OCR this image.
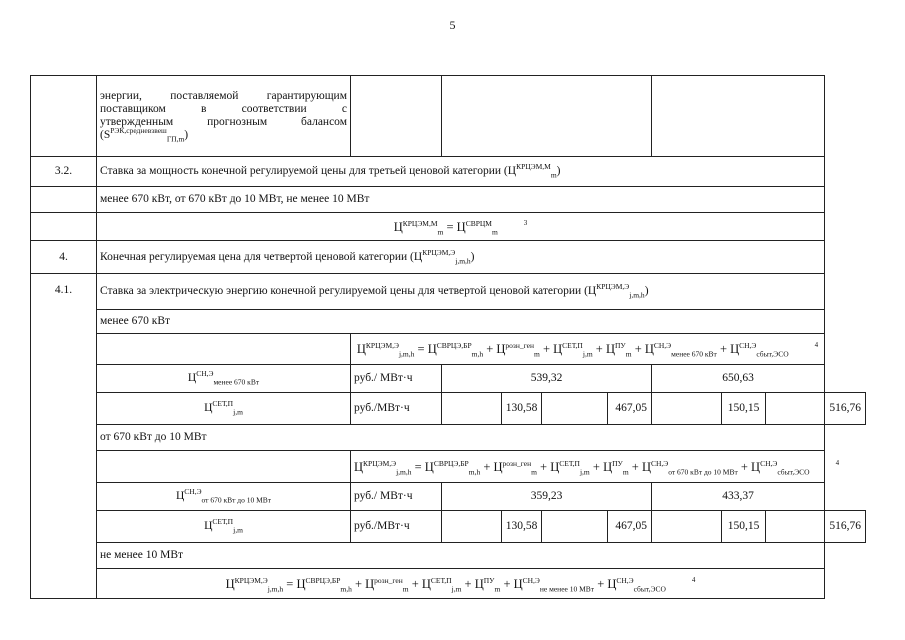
5
	энергии, поставляемой гарантирующим
поставщиком в соответствии с
утвержденным прогнозным балансом
$(S^{РЭК,средневзвеш}_{ГП,m})$									
3.2.	Ставка за мощность конечной регулируемой цены для третьей ценовой категории $(Ц^{КРЦЭМ,М}_m)$									
	менее 670 кВт, от 670 кВт до 10 МВт, не менее 10 МВт									
	$Ц^{КРЦЭМ,М}_m = Ц^{СВРЦМ}_m^3$
4.	Конечная регулируемая цена для четвертой ценовой категории $(Ц^{КРЦЭМ,Э}_{j,m,h})$									
4.1.	Ставка за электрическую энергию конечной регулируемой цены для четвертой ценовой категории $(Ц^{КРЦЭМ,Э}_{j,m,h})$									
	менее 670 кВт									
		$Ц^{КРЦЭМ,Э}_{j,m,h} = Ц^{СВРЦЭ,БР}_{m,h} + Ц^{розн\_ген}_m + Ц^{СЕТ,П}_{j,m} + Ц^{ПУ}_m + Ц^{СН,Э}_{менее 670 кВт} + Ц^{СН,Э}_{сбыт,ЭСО}^4$
	$Ц^{СН,Э}_{менее 670 кВт}$	руб./ МВт·ч	539,32				650,63			
	$Ц^{СЕТ,П}_{j,m}$	руб./МВт·ч		130,58		467,05		150,15		516,76
	от 670 кВт до 10 МВт									
		$Ц^{КРЦЭМ,Э}_{j,m,h} = Ц^{СВРЦЭ,БР}_{m,h} + Ц^{розн\_ген}_m + Ц^{СЕТ,П}_{j,m} + Ц^{ПУ}_m + Ц^{СН,Э}_{от 670 кВт до 10 МВт} + Ц^{СН,Э}_{сбыт,ЭСО}^4$
	$Ц^{СН,Э}_{от 670 кВт до 10 МВт}$	руб./ МВт·ч	359,23				433,37			
	$Ц^{СЕТ,П}_{j,m}$	руб./МВт·ч		130,58		467,05		150,15		516,76
	не менее 10 МВт									
	$Ц^{КРЦЭМ,Э}_{j,m,h} = Ц^{СВРЦЭ,БР}_{m,h} + Ц^{розн\_ген}_m + Ц^{СЕТ,П}_{j,m} + Ц^{ПУ}_m + Ц^{СН,Э}_{не менее 10 МВт} + Ц^{СН,Э}_{сбыт,ЭСО}^4$
